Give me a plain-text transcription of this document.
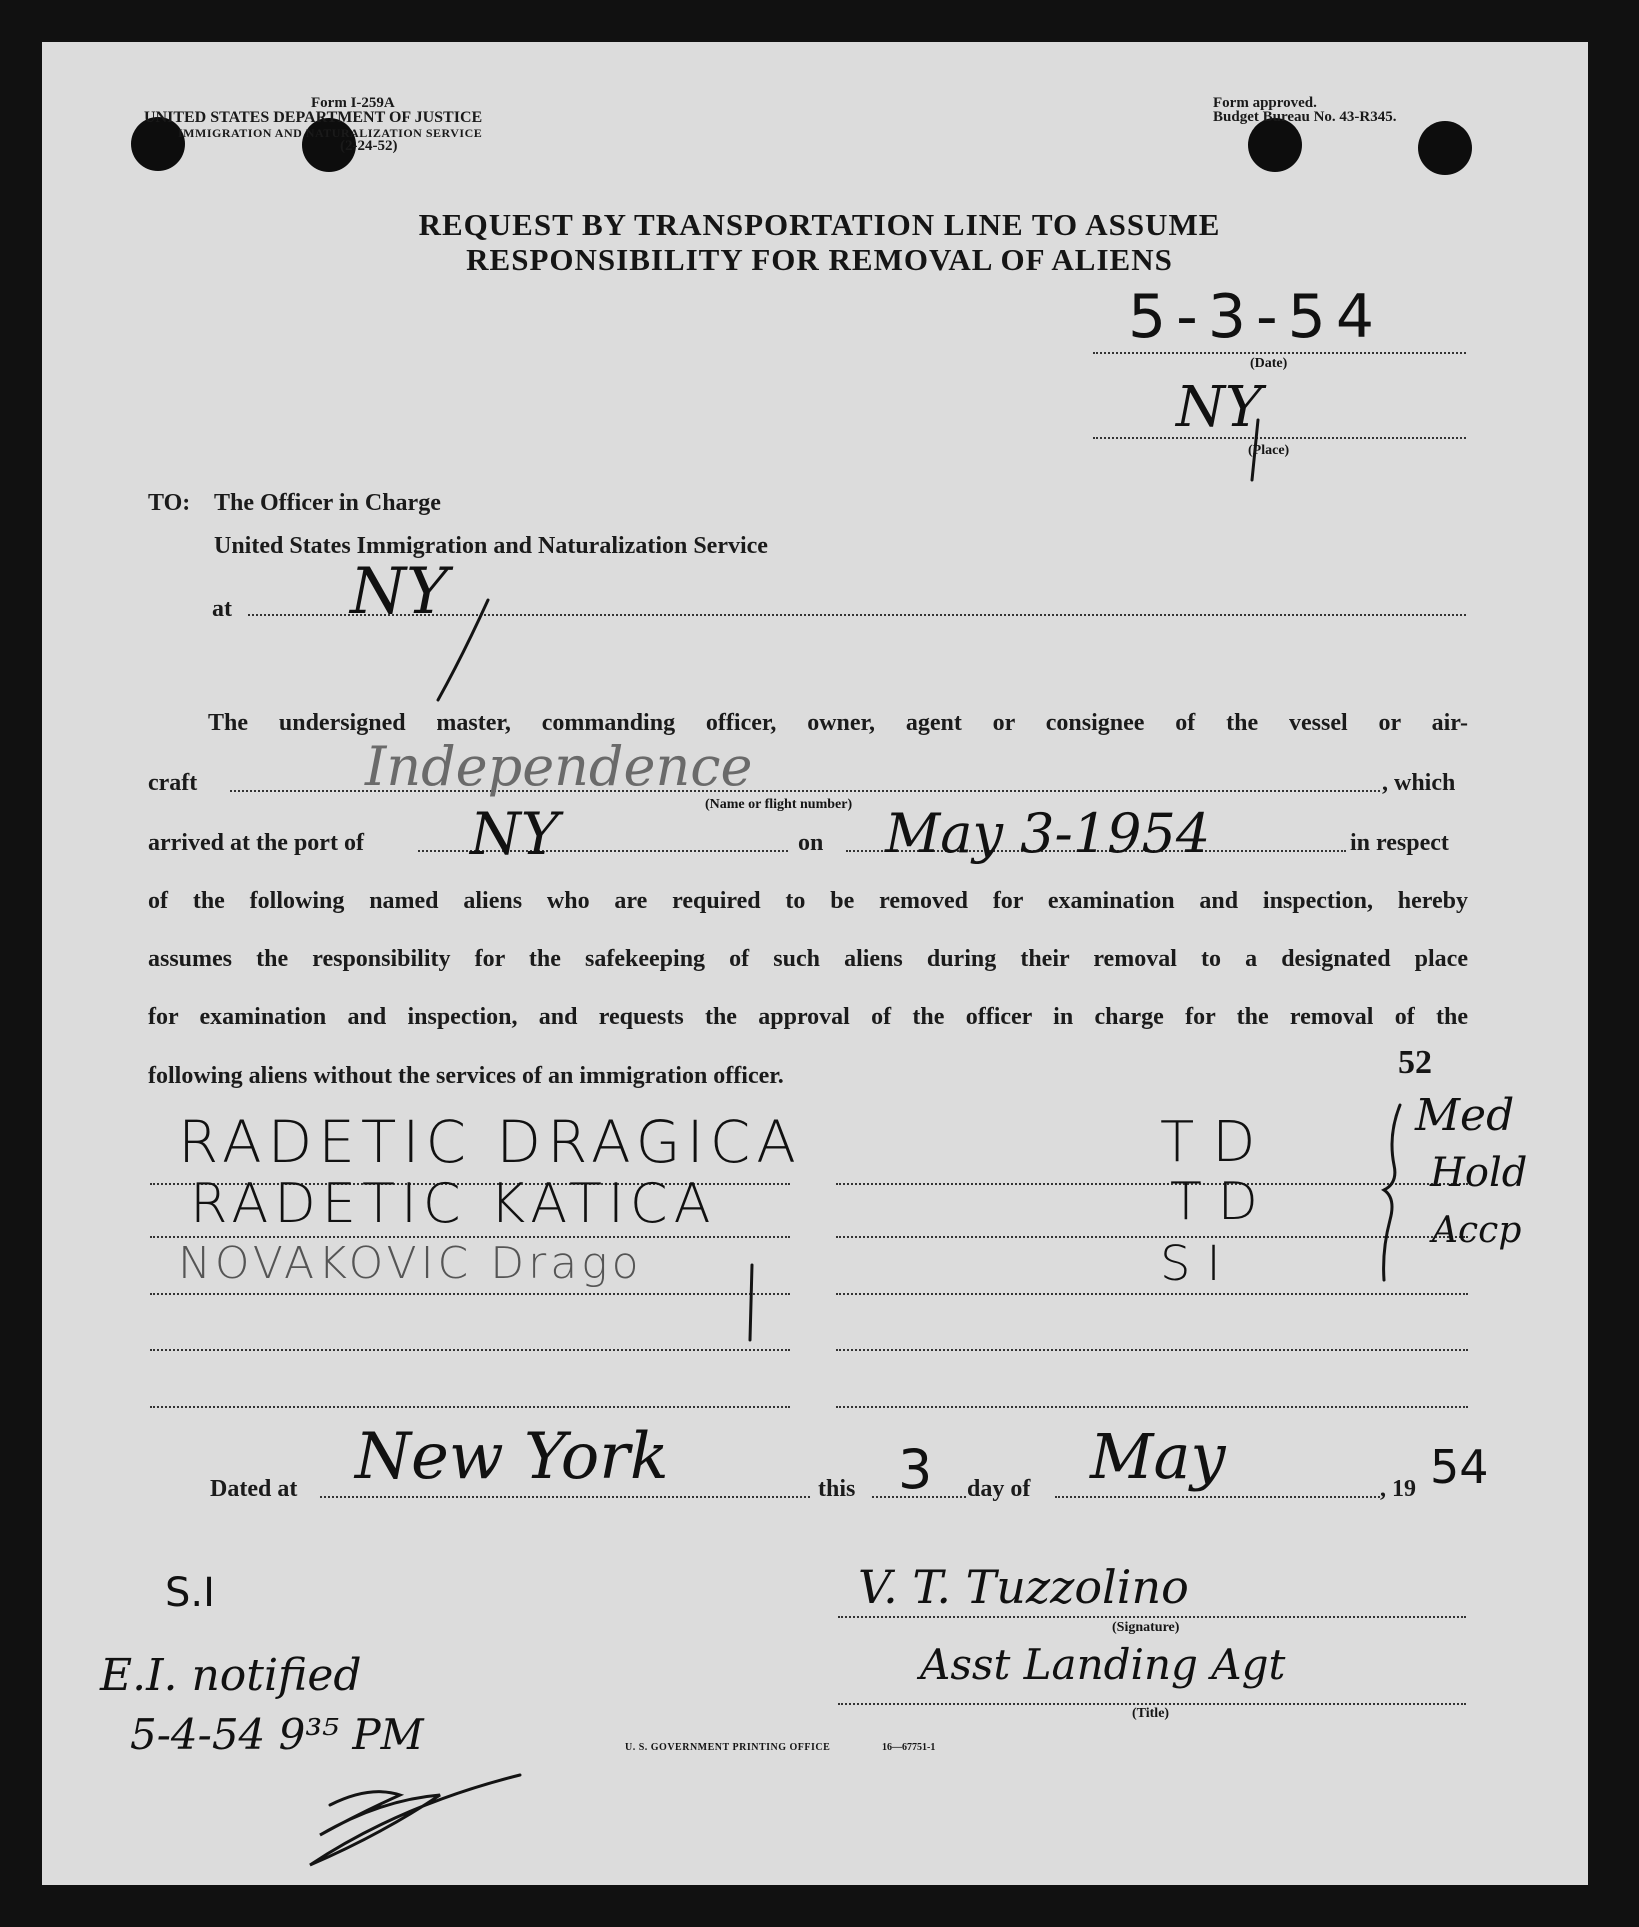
Form I-259A
UNITED STATES DEPARTMENT OF JUSTICE
IMMIGRATION AND NATURALIZATION SERVICE
(2-24-52)
Form approved.
Budget Bureau No. 43-R345.
REQUEST BY TRANSPORTATION LINE TO ASSUME
RESPONSIBILITY FOR REMOVAL OF ALIENS
5-3-54
(Date)
NY
(Place)
TO: The Officer in Charge
United States Immigration and Naturalization Service
at NY
The undersigned master, commanding officer, owner, agent or consignee of the vessel or air-
craft	Independence	, which
(Name or flight number)
arrived at the port of NY	on May 3-1954	in respect
of the following named aliens who are required to be removed for examination and inspection, hereby
assumes the responsibility for the safekeeping of such aliens during their removal to a designated place
for examination and inspection, and requests the approval of the officer in charge for the removal of the
following aliens without the services of an immigration officer.	52
RADETIC DRAGICA	TD
RADETIC KATICA	TD
NOVAKOVIC Drago	SI
Med
Hold
Accp
Dated at New York	this 3 day of May	, 19 54
V. T. Tuzzolino
(Signature)
Asst Landing Agt
(Title)
S.I
E.I. notified
5-4-54 9³⁵ PM	U. S. GOVERNMENT PRINTING OFFICE	16—67751-1
